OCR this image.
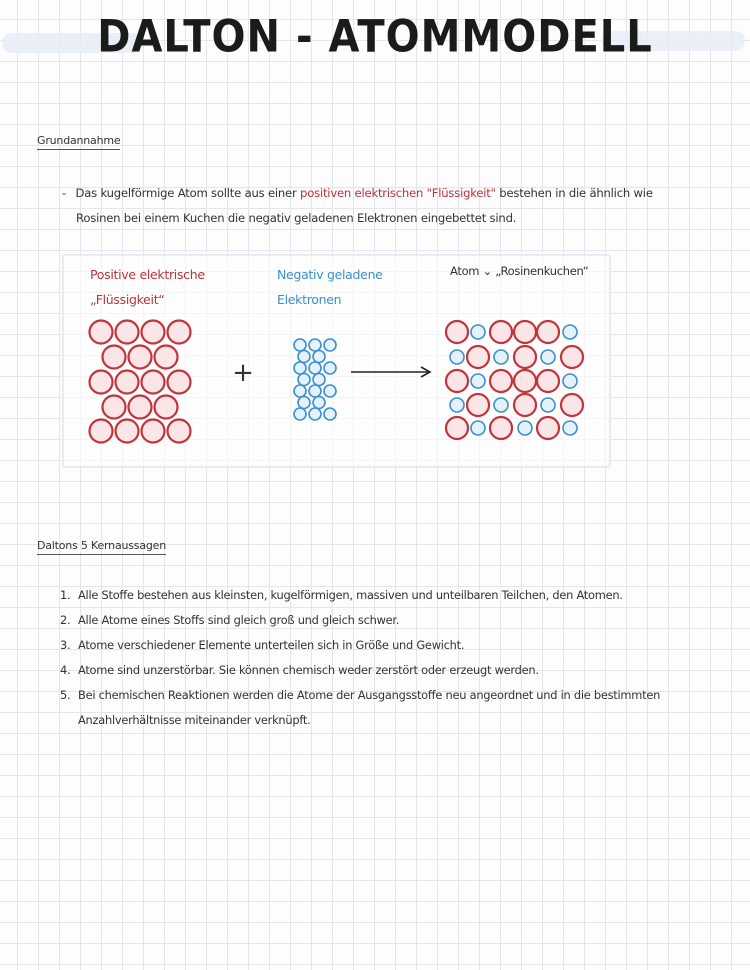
DALTON - ATOMMODELL
Grundannahme
- Das kugelförmige Atom sollte aus einer positiven elektrischen "Flüssigkeit" bestehen in die ähnlich wie
Rosinen bei einem Kuchen die negativ geladenen Elektronen eingebettet sind.
Positive elektrische
„Flüssigkeit“
Negativ geladene
Elektronen
Atom ⌄ „Rosinenkuchen“
+
Daltons 5 Kernaussagen
1. Alle Stoffe bestehen aus kleinsten, kugelförmigen, massiven und unteilbaren Teilchen, den Atomen.
2. Alle Atome eines Stoffs sind gleich groß und gleich schwer.
3. Atome verschiedener Elemente unterteilen sich in Größe und Gewicht.
4. Atome sind unzerstörbar. Sie können chemisch weder zerstört oder erzeugt werden.
5. Bei chemischen Reaktionen werden die Atome der Ausgangsstoffe neu angeordnet und in die bestimmten
Anzahlverhältnisse miteinander verknüpft.
